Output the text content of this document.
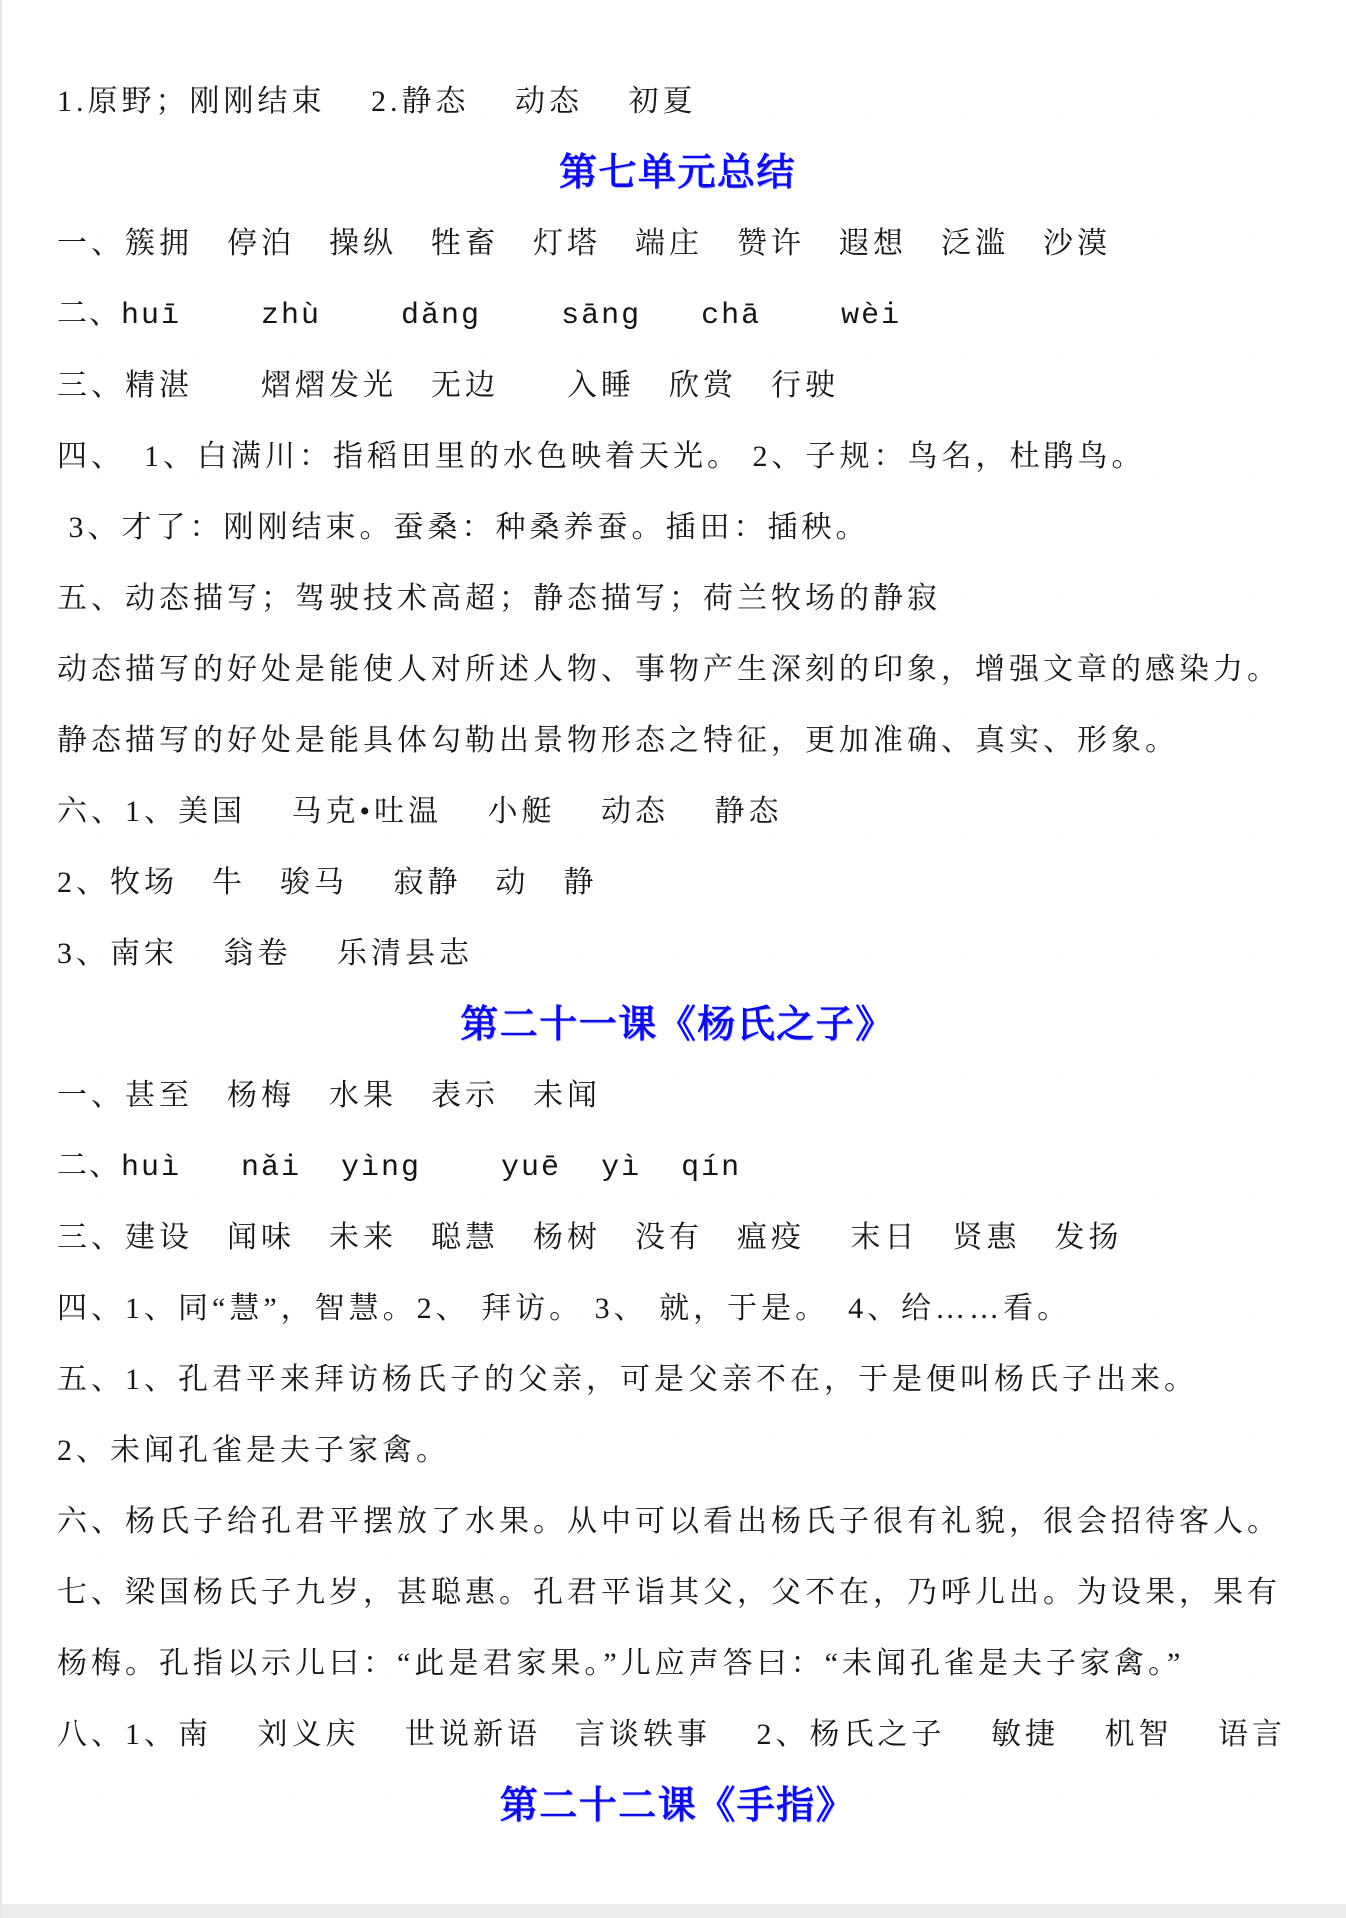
1.原野；刚刚结束　 2.静态　 动态　 初夏

第七单元总结

一、簇拥　停泊　操纵　牲畜　灯塔　端庄　赞许　遐想　泛滥　沙漠

二、huī    zhù    dǎng    sāng   chā    wèi

三、精湛　　熠熠发光　无边　　入睡　欣赏　行驶

四、　1、白满川：指稻田里的水色映着天光。 2、子规：鸟名，杜鹃鸟。

3、才了：刚刚结束。蚕桑：种桑养蚕。插田：插秧。

五、动态描写；驾驶技术高超；静态描写；荷兰牧场的静寂

动态描写的好处是能使人对所述人物、事物产生深刻的印象，增强文章的感染力。

静态描写的好处是能具体勾勒出景物形态之特征，更加准确、真实、形象。

六、1、美国　 马克•吐温　 小艇　 动态　 静态

2、牧场　牛　骏马　 寂静　动　静

3、南宋　 翁卷　 乐清县志

第二十一课《杨氏之子》

一、甚至　杨梅　水果　表示　未闻

二、huì   nǎi  yìng    yuē  yì  qín

三、建设　闻味　未来　聪慧　杨树　没有　瘟疫　 末日　贤惠　发扬

四、1、同“慧”，智慧。2、 拜访。 3、 就，于是。　4、给……看。

五、1、孔君平来拜访杨氏子的父亲，可是父亲不在，于是便叫杨氏子出来。

2、未闻孔雀是夫子家禽。

六、杨氏子给孔君平摆放了水果。从中可以看出杨氏子很有礼貌，很会招待客人。

七、梁国杨氏子九岁，甚聪惠。孔君平诣其父，父不在，乃呼儿出。为设果，果有

杨梅。孔指以示儿曰：“此是君家果。”儿应声答曰：“未闻孔雀是夫子家禽。”

八、1、南　 刘义庆　 世说新语　言谈轶事　 2、杨氏之子　 敏捷　 机智　 语言

第二十二课《手指》
